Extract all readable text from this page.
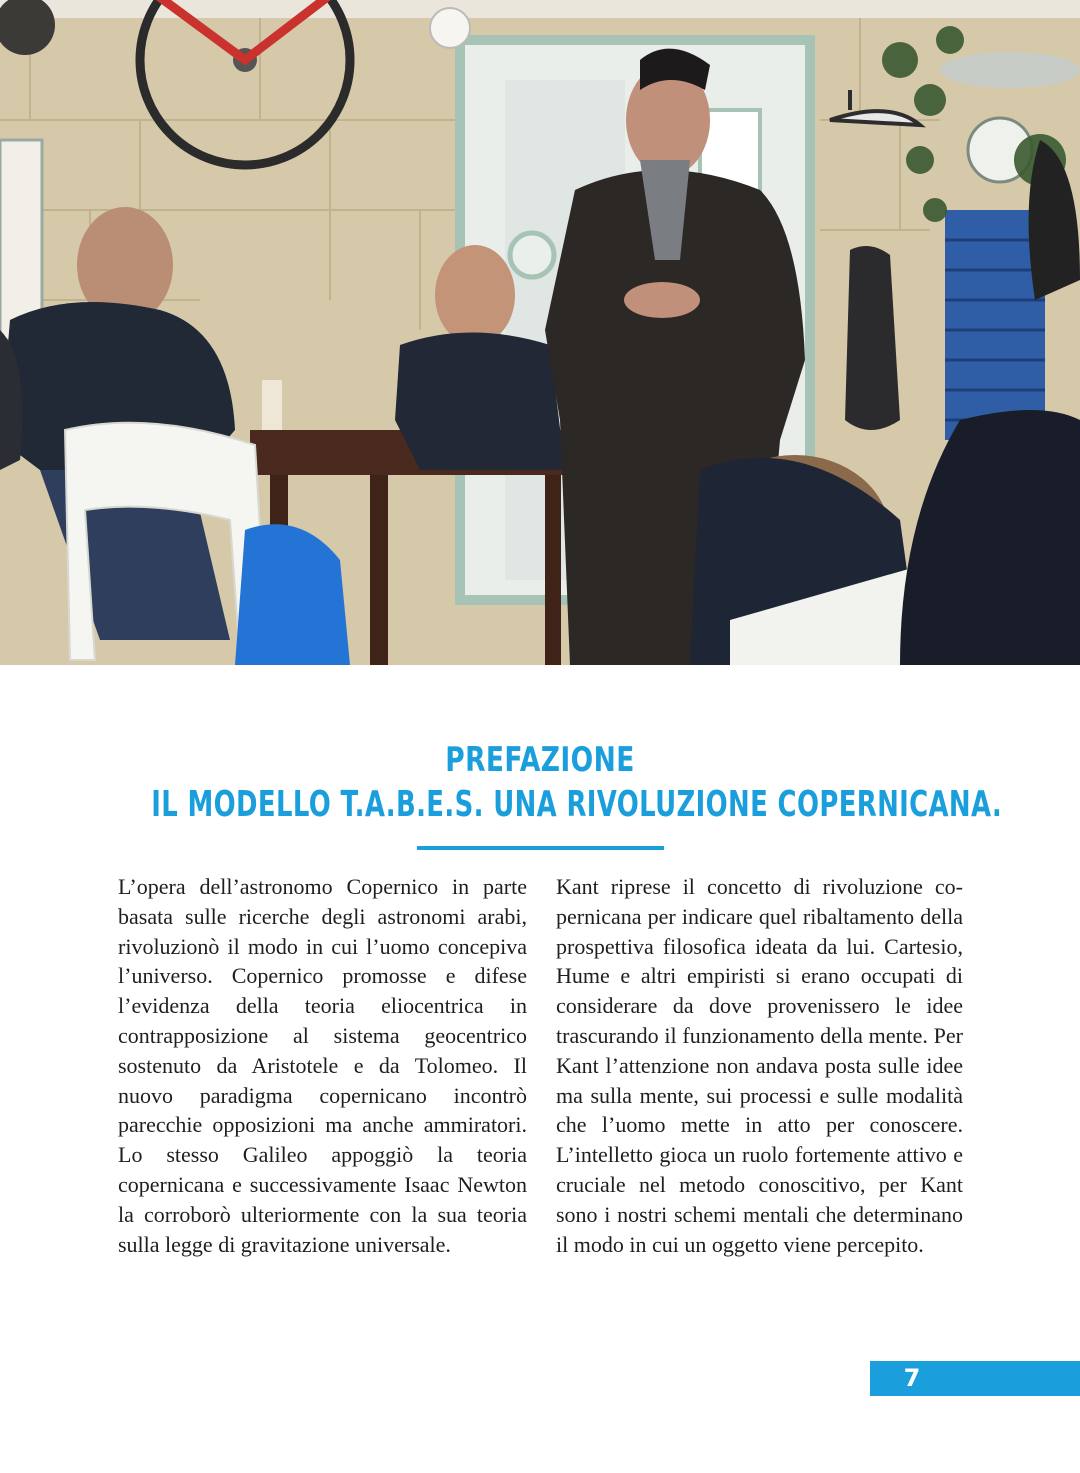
PREFAZIONE
IL MODELLO T.A.B.E.S. UNA RIVOLUZIONE COPERNICANA.

L’opera dell’astronomo Copernico in parte basata sulle ricerche degli astronomi arabi, rivoluzionò il modo in cui l’uomo concepiva l’universo. Copernico promosse e difese l’evidenza della teoria eliocentrica in contrapposizione al sistema geocentrico sostenuto da Aristotele e da Tolomeo. Il nuovo paradigma copernicano incontrò parecchie opposizioni ma anche ammiratori. Lo stesso Galileo appoggiò la teoria copernicana e successivamente Isaac Newton la corroborò ulteriormente con la sua teoria sulla legge di gravitazione universale.

Kant riprese il concetto di rivoluzione copernicana per indicare quel ribaltamento della prospettiva filosofica ideata da lui. Cartesio, Hume e altri empiristi si erano occupati di considerare da dove provenissero le idee trascurando il funzionamento della mente. Per Kant l’attenzione non andava posta sulle idee ma sulla mente, sui processi e sulle modalità che l’uomo mette in atto per conoscere. L’intelletto gioca un ruolo fortemente attivo e cruciale nel metodo conoscitivo, per Kant sono i nostri schemi mentali che determinano il modo in cui un oggetto viene percepito.

7
